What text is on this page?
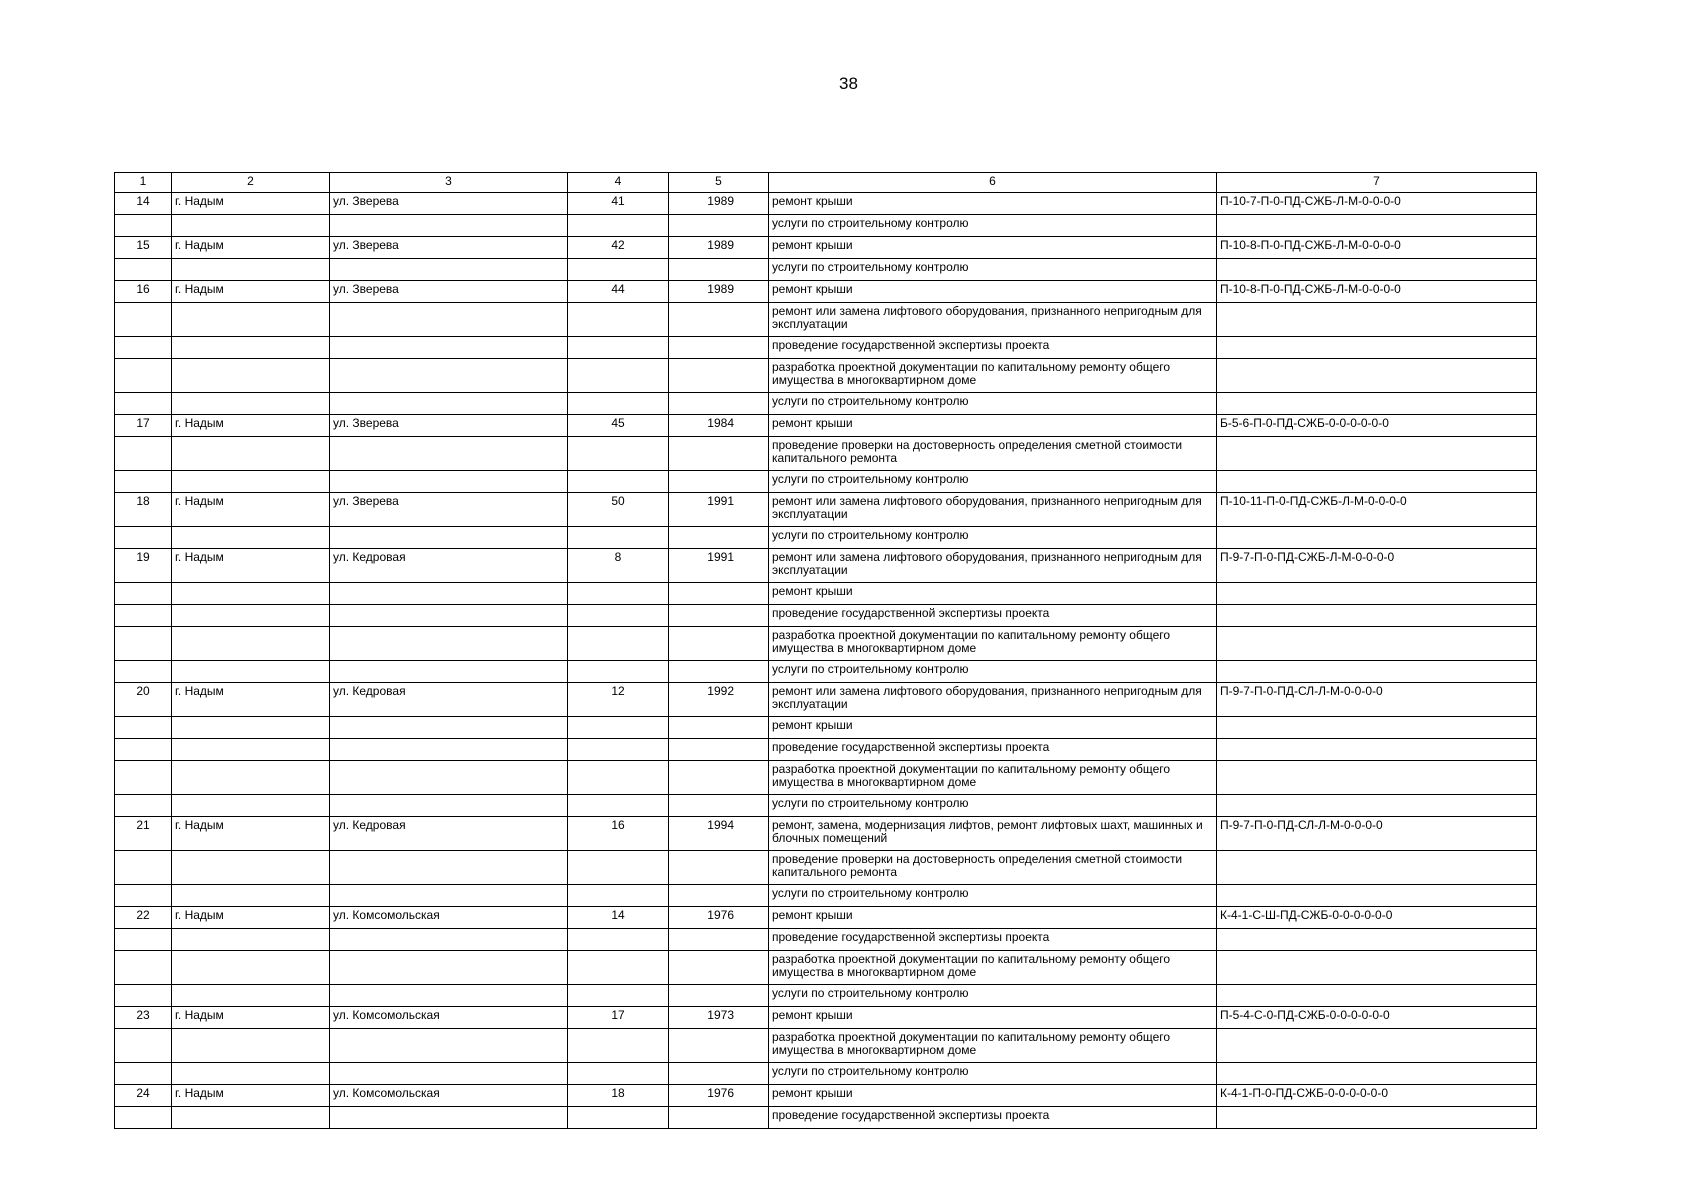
38
1	2	3	4	5	6	7
14	г. Надым	ул. Зверева	41	1989	ремонт крыши	П-10-7-П-0-ПД-СЖБ-Л-М-0-0-0-0
					услуги по строительному контролю	
15	г. Надым	ул. Зверева	42	1989	ремонт крыши	П-10-8-П-0-ПД-СЖБ-Л-М-0-0-0-0
					услуги по строительному контролю	
16	г. Надым	ул. Зверева	44	1989	ремонт крыши	П-10-8-П-0-ПД-СЖБ-Л-М-0-0-0-0
					ремонт или замена лифтового оборудования, признанного непригодным для эксплуатации	
					проведение государственной экспертизы проекта	
					разработка проектной документации по капитальному ремонту общего имущества в многоквартирном доме	
					услуги по строительному контролю	
17	г. Надым	ул. Зверева	45	1984	ремонт крыши	Б-5-6-П-0-ПД-СЖБ-0-0-0-0-0-0
					проведение проверки на достоверность определения сметной стоимости капитального ремонта	
					услуги по строительному контролю	
18	г. Надым	ул. Зверева	50	1991	ремонт или замена лифтового оборудования, признанного непригодным для эксплуатации	П-10-11-П-0-ПД-СЖБ-Л-М-0-0-0-0
					услуги по строительному контролю	
19	г. Надым	ул. Кедровая	8	1991	ремонт или замена лифтового оборудования, признанного непригодным для эксплуатации	П-9-7-П-0-ПД-СЖБ-Л-М-0-0-0-0
					ремонт крыши	
					проведение государственной экспертизы проекта	
					разработка проектной документации по капитальному ремонту общего имущества в многоквартирном доме	
					услуги по строительному контролю	
20	г. Надым	ул. Кедровая	12	1992	ремонт или замена лифтового оборудования, признанного непригодным для эксплуатации	П-9-7-П-0-ПД-СЛ-Л-М-0-0-0-0
					ремонт крыши	
					проведение государственной экспертизы проекта	
					разработка проектной документации по капитальному ремонту общего имущества в многоквартирном доме	
					услуги по строительному контролю	
21	г. Надым	ул. Кедровая	16	1994	ремонт, замена, модернизация лифтов, ремонт лифтовых шахт, машинных и блочных помещений	П-9-7-П-0-ПД-СЛ-Л-М-0-0-0-0
					проведение проверки на достоверность определения сметной стоимости капитального ремонта	
					услуги по строительному контролю	
22	г. Надым	ул. Комсомольская	14	1976	ремонт крыши	К-4-1-С-Ш-ПД-СЖБ-0-0-0-0-0-0
					проведение государственной экспертизы проекта	
					разработка проектной документации по капитальному ремонту общего имущества в многоквартирном доме	
					услуги по строительному контролю	
23	г. Надым	ул. Комсомольская	17	1973	ремонт крыши	П-5-4-С-0-ПД-СЖБ-0-0-0-0-0-0
					разработка проектной документации по капитальному ремонту общего имущества в многоквартирном доме	
					услуги по строительному контролю	
24	г. Надым	ул. Комсомольская	18	1976	ремонт крыши	К-4-1-П-0-ПД-СЖБ-0-0-0-0-0-0
					проведение государственной экспертизы проекта	
